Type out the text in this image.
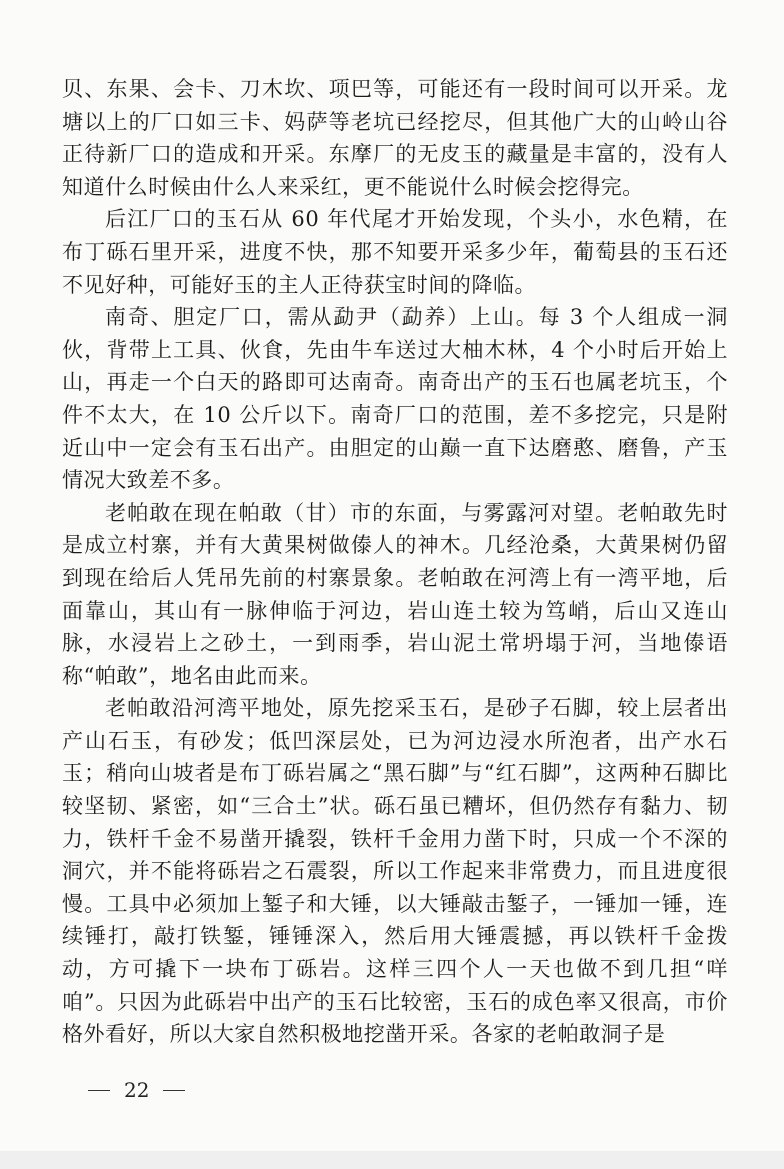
贝、东果、会卡、刀木坎、项巴等，可能还有一段时间可以开采。龙塘以上的厂口如三卡、妈萨等老坑已经挖尽，但其他广大的山岭山谷正待新厂口的造成和开采。东摩厂的无皮玉的藏量是丰富的，没有人知道什么时候由什么人来采红，更不能说什么时候会挖得完。

后江厂口的玉石从 60 年代尾才开始发现，个头小，水色精，在布丁砾石里开采，进度不快，那不知要开采多少年，葡萄县的玉石还不见好种，可能好玉的主人正待获宝时间的降临。

南奇、胆定厂口，需从勐尹（勐养）上山。每 3 个人组成一洞伙，背带上工具、伙食，先由牛车送过大柚木林，4 个小时后开始上山，再走一个白天的路即可达南奇。南奇出产的玉石也属老坑玉，个件不太大，在 10 公斤以下。南奇厂口的范围，差不多挖完，只是附近山中一定会有玉石出产。由胆定的山巅一直下达磨憨、磨鲁，产玉情况大致差不多。

老帕敢在现在帕敢（甘）市的东面，与雾露河对望。老帕敢先时是成立村寨，并有大黄果树做傣人的神木。几经沧桑，大黄果树仍留到现在给后人凭吊先前的村寨景象。老帕敢在河湾上有一湾平地，后面靠山，其山有一脉伸临于河边，岩山连土较为笃峭，后山又连山脉，水浸岩上之砂土，一到雨季，岩山泥土常坍塌于河，当地傣语称“帕敢”，地名由此而来。

老帕敢沿河湾平地处，原先挖采玉石，是砂子石脚，较上层者出产山石玉，有砂发；低凹深层处，已为河边浸水所泡者，出产水石玉；稍向山坡者是布丁砾岩属之“黑石脚”与“红石脚”，这两种石脚比较坚韧、紧密，如“三合土”状。砾石虽已糟坏，但仍然存有黏力、韧力，铁杆千金不易凿开撬裂，铁杆千金用力凿下时，只成一个不深的洞穴，并不能将砾岩之石震裂，所以工作起来非常费力，而且进度很慢。工具中必须加上錾子和大锤，以大锤敲击錾子，一锤加一锤，连续锤打，敲打铁錾，锤锤深入，然后用大锤震撼，再以铁杆千金拨动，方可撬下一块布丁砾岩。这样三四个人一天也做不到几担“咩咱”。只因为此砾岩中出产的玉石比较密，玉石的成色率又很高，市价格外看好，所以大家自然积极地挖凿开采。各家的老帕敢洞子是

22
